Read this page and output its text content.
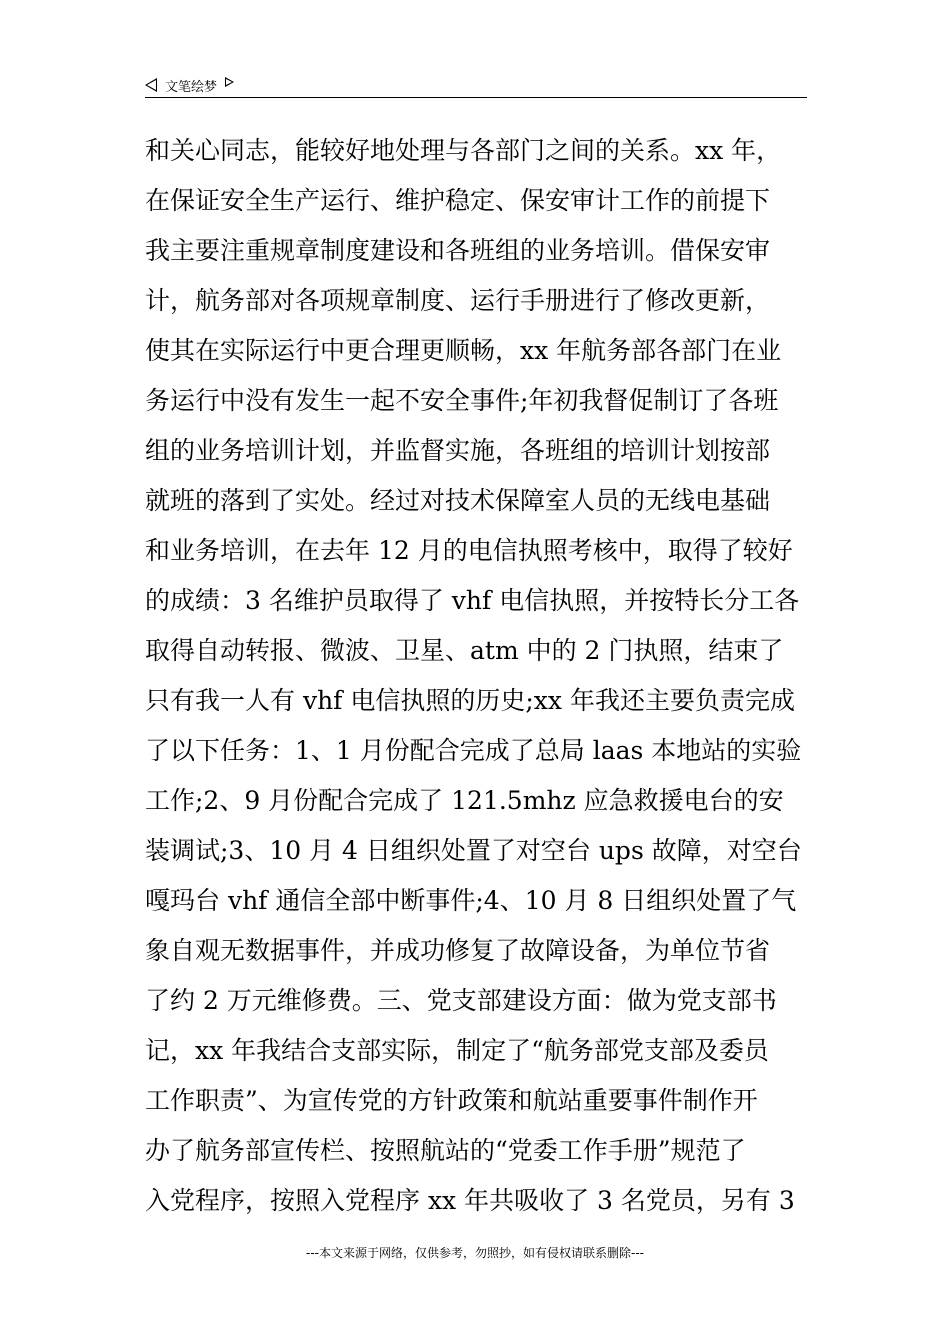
文笔绘梦
和关心同志，能较好地处理与各部门之间的关系。xx 年，
在保证安全生产运行、维护稳定、保安审计工作的前提下
我主要注重规章制度建设和各班组的业务培训。借保安审
计，航务部对各项规章制度、运行手册进行了修改更新，
使其在实际运行中更合理更顺畅，xx 年航务部各部门在业
务运行中没有发生一起不安全事件;年初我督促制订了各班
组的业务培训计划，并监督实施，各班组的培训计划按部
就班的落到了实处。经过对技术保障室人员的无线电基础
和业务培训，在去年 12 月的电信执照考核中，取得了较好
的成绩：3 名维护员取得了 vhf 电信执照，并按特长分工各
取得自动转报、微波、卫星、atm 中的 2 门执照，结束了
只有我一人有 vhf 电信执照的历史;xx 年我还主要负责完成
了以下任务：1、1 月份配合完成了总局 laas 本地站的实验
工作;2、9 月份配合完成了 121.5mhz 应急救援电台的安
装调试;3、10 月 4 日组织处置了对空台 ups 故障，对空台
嘎玛台 vhf 通信全部中断事件;4、10 月 8 日组织处置了气
象自观无数据事件，并成功修复了故障设备，为单位节省
了约 2 万元维修费。三、党支部建设方面：做为党支部书
记，xx 年我结合支部实际，制定了“航务部党支部及委员
工作职责”、为宣传党的方针政策和航站重要事件制作开
办了航务部宣传栏、按照航站的“党委工作手册”规范了
入党程序，按照入党程序 xx 年共吸收了 3 名党员，另有 3
---本文来源于网络，仅供参考，勿照抄，如有侵权请联系删除---
